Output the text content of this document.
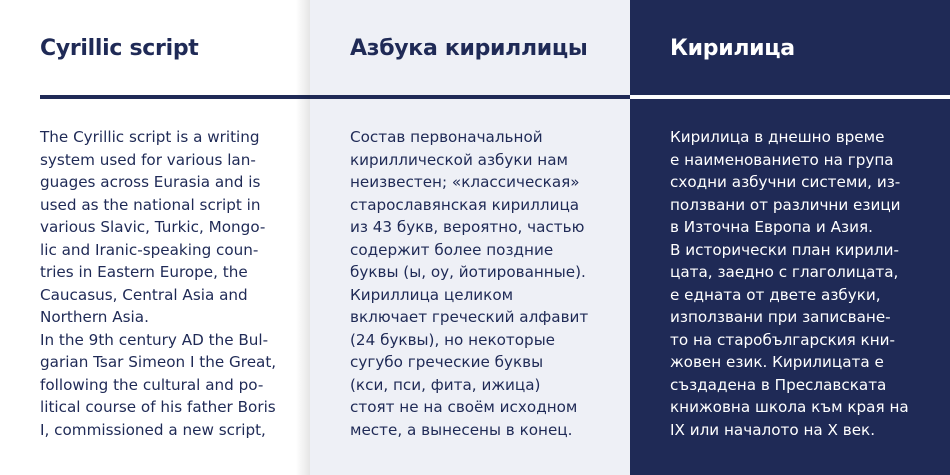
Cyrillic script

The Cyrillic script is a writing
system used for various lan-
guages across Eurasia and is
used as the national script in
various Slavic, Turkic, Mongo-
lic and Iranic-speaking coun-
tries in Eastern Europe, the
Caucasus, Central Asia and
Northern Asia.
In the 9th century AD the Bul-
garian Tsar Simeon I the Great,
following the cultural and po-
litical course of his father Boris
I, commissioned a new script,

Азбука кириллицы

Состав первоначальной
кириллической азбуки нам
неизвестен; «классическая»
старославянская кириллица
из 43 букв, вероятно, частью
содержит более поздние
буквы (ы, оу, йотированные).
Кириллица целиком
включает греческий алфавит
(24 буквы), но некоторые
сугубо греческие буквы
(кси, пси, фита, ижица)
стоят не на своём исходном
месте, а вынесены в конец.

Кирилица

Кирилица в днешно време
е наименованието на група
сходни азбучни системи, из-
ползвани от различни езици
в Източна Европа и Азия.
В исторически план кирили-
цата, заедно с глаголицата,
е едната от двете азбуки,
използвани при записване-
то на старобългарския кни-
жовен език. Кирилицата е
създадена в Преславската
книжовна школа към края на
IX или началото на X век.
